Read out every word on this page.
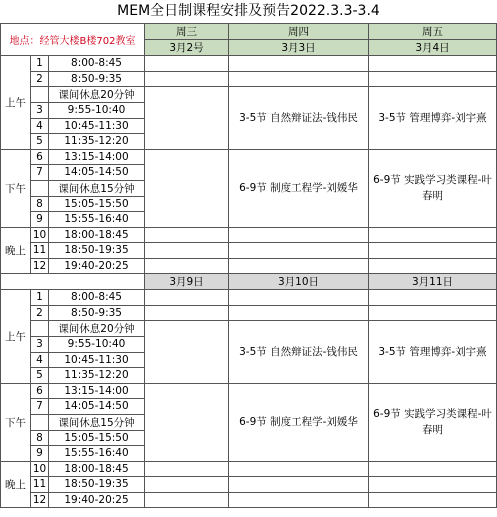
MEM全日制课程安排及预告2022.3.3-3.4
地点：经管大楼B楼702教室			周三	周四	周五
			3月2号	3月3日	3月4日
上午	1	8:00-8:45			
	2	8:50-9:35			
		课间休息20分钟		3-5节 自然辩证法-钱伟民	3-5节 管理博弈-刘宇熹
	3	9:55-10:40			
	4	10:45-11:30			
	5	11:35-12:20			
下午	6	13:15-14:00		6-9节 制度工程学-刘媛华	6-9节 实践学习类课程-叶春明
	7	14:05-14:50			
		课间休息15分钟			
	8	15:05-15:50			
	9	15:55-16:40			
晚上	10	18:00-18:45			
	11	18:50-19:35			
	12	19:40-20:25			
			3月9日	3月10日	3月11日
上午	1	8:00-8:45			
	2	8:50-9:35			
		课间休息20分钟		3-5节 自然辩证法-钱伟民	3-5节 管理博弈-刘宇熹
	3	9:55-10:40			
	4	10:45-11:30			
	5	11:35-12:20			
下午	6	13:15-14:00		6-9节 制度工程学-刘媛华	6-9节 实践学习类课程-叶春明
	7	14:05-14:50			
		课间休息15分钟			
	8	15:05-15:50			
	9	15:55-16:40			
晚上	10	18:00-18:45			
	11	18:50-19:35			
	12	19:40-20:25			
